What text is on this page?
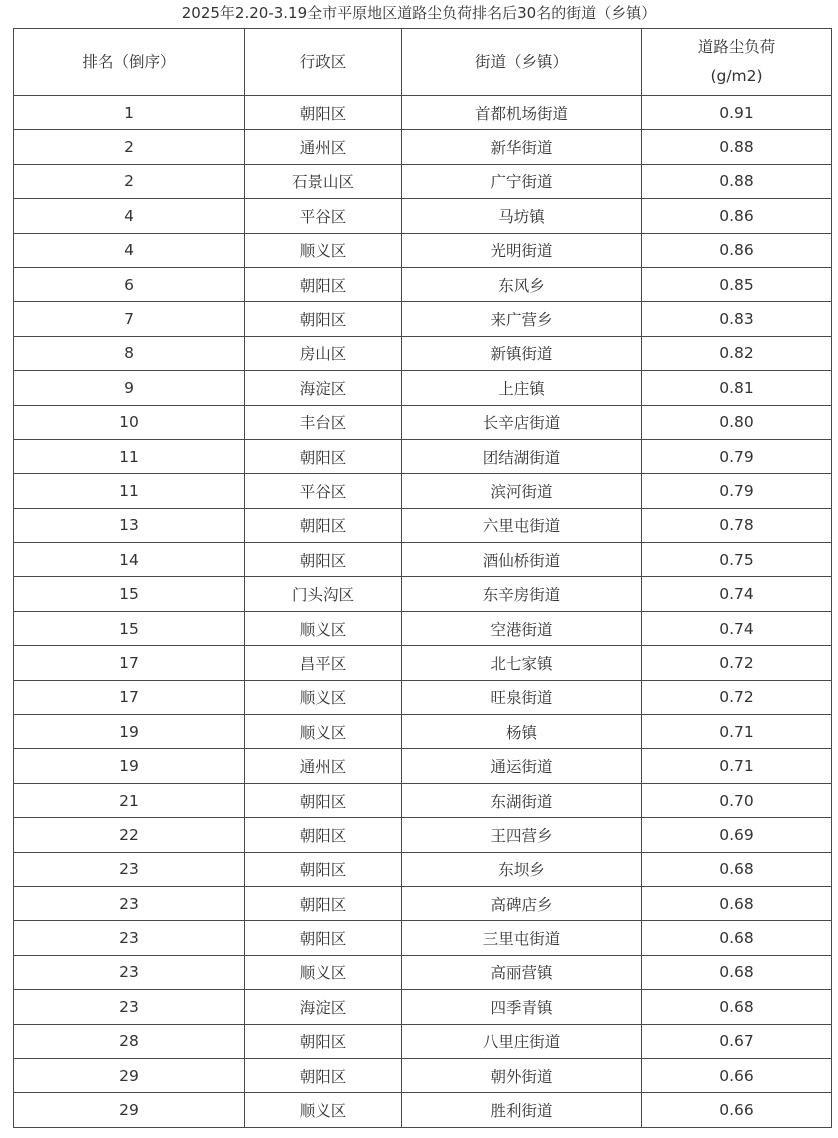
2025年2.20-3.19全市平原地区道路尘负荷排名后30名的街道（乡镇）
排名（倒序）	行政区	街道（乡镇）	道路尘负荷
(g/m2)

1	朝阳区	首都机场街道	0.91
2	通州区	新华街道	0.88
2	石景山区	广宁街道	0.88
4	平谷区	马坊镇	0.86
4	顺义区	光明街道	0.86
6	朝阳区	东风乡	0.85
7	朝阳区	来广营乡	0.83
8	房山区	新镇街道	0.82
9	海淀区	上庄镇	0.81
10	丰台区	长辛店街道	0.80
11	朝阳区	团结湖街道	0.79
11	平谷区	滨河街道	0.79
13	朝阳区	六里屯街道	0.78
14	朝阳区	酒仙桥街道	0.75
15	门头沟区	东辛房街道	0.74
15	顺义区	空港街道	0.74
17	昌平区	北七家镇	0.72
17	顺义区	旺泉街道	0.72
19	顺义区	杨镇	0.71
19	通州区	通运街道	0.71
21	朝阳区	东湖街道	0.70
22	朝阳区	王四营乡	0.69
23	朝阳区	东坝乡	0.68
23	朝阳区	高碑店乡	0.68
23	朝阳区	三里屯街道	0.68
23	顺义区	高丽营镇	0.68
23	海淀区	四季青镇	0.68
28	朝阳区	八里庄街道	0.67
29	朝阳区	朝外街道	0.66
29	顺义区	胜利街道	0.66
